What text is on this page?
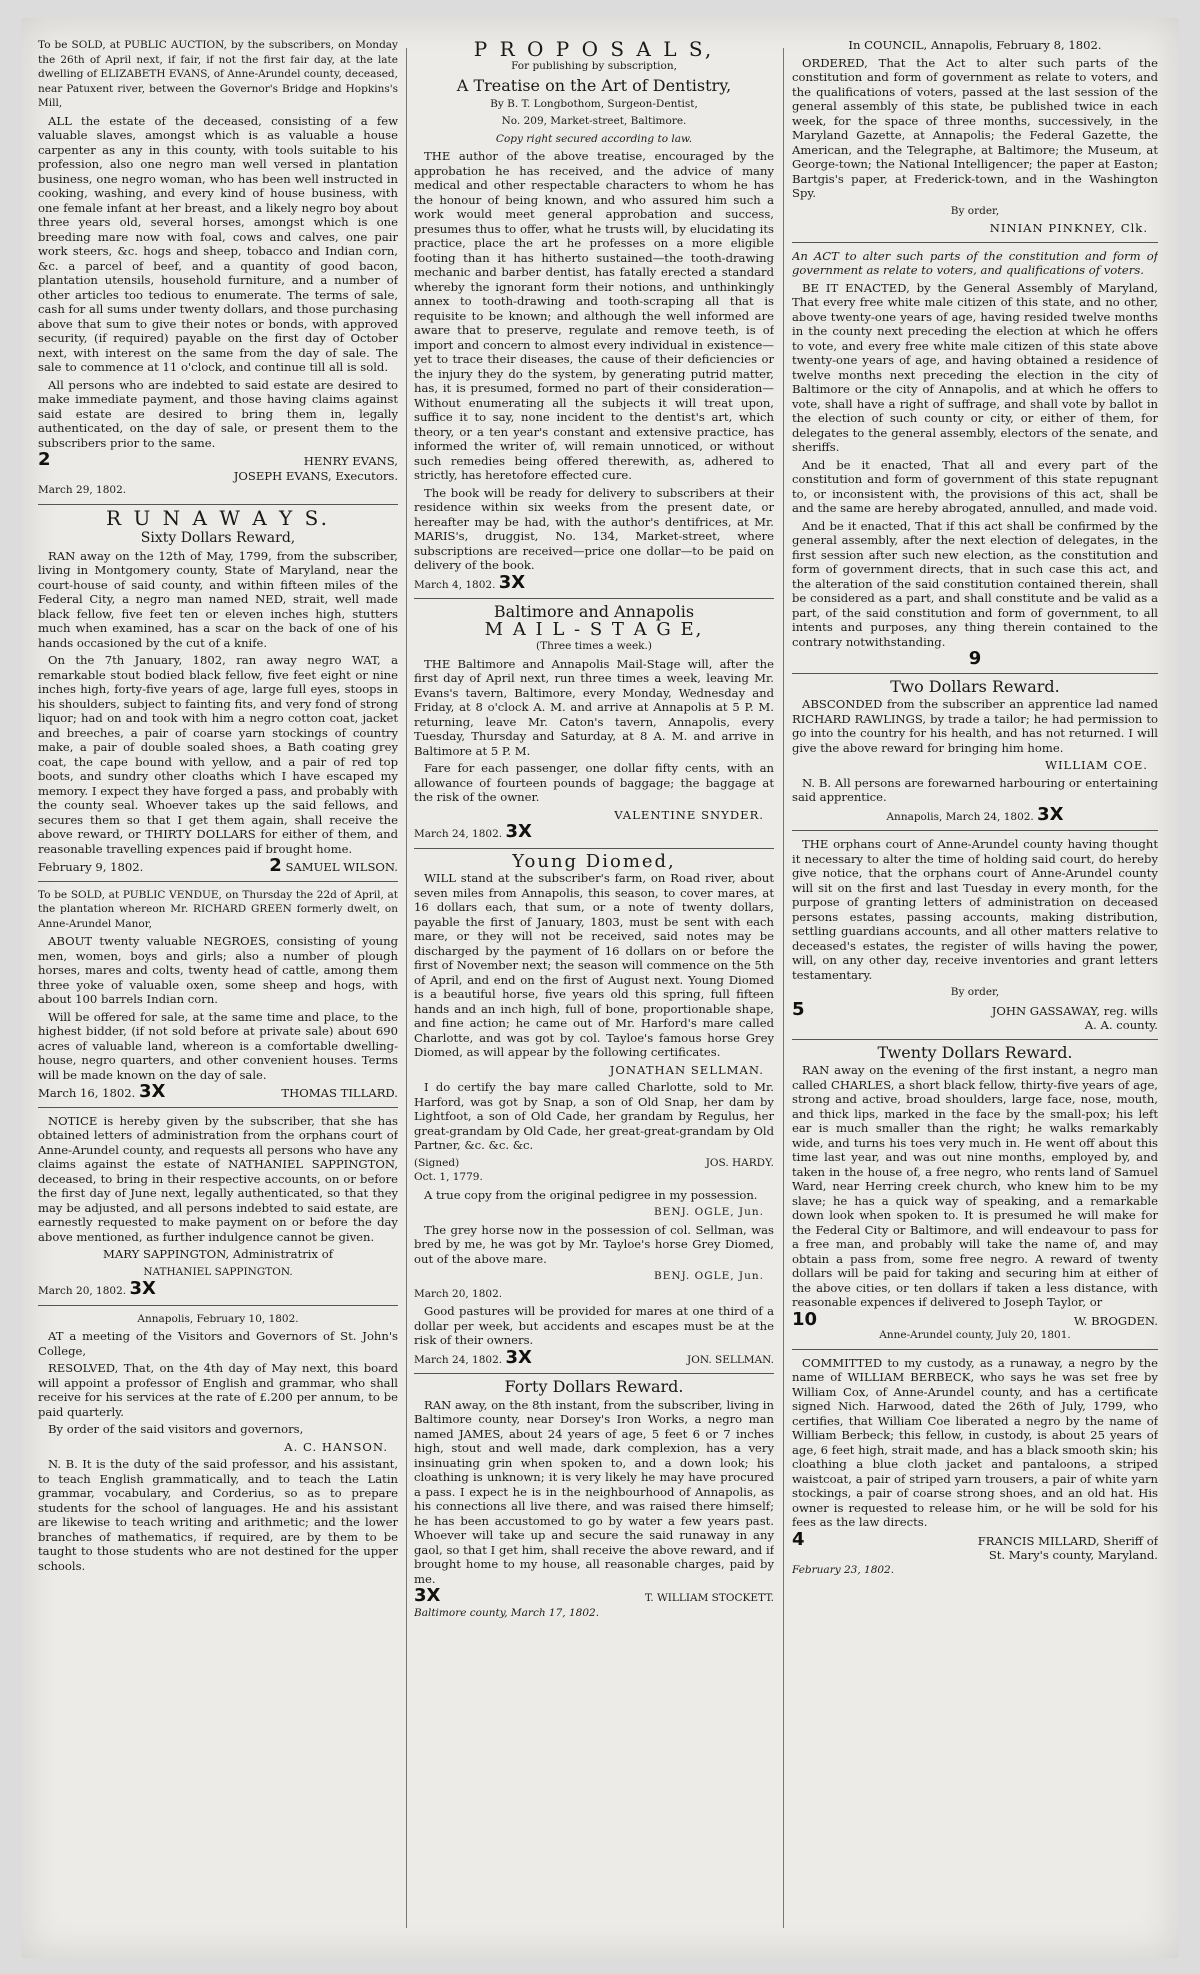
To be SOLD, at PUBLIC AUCTION, by the subscribers, on Monday the 26th of April next, if fair, if not the first fair day, at the late dwelling of ELIZABETH EVANS, of Anne-Arundel county, deceased, near Patuxent river, between the Governor's Bridge and Hopkins's Mill,

ALL the estate of the deceased, consisting of a few valuable slaves, amongst which is as valuable a house carpenter as any in this county, with tools suitable to his profession, also one negro man well versed in plantation business, one negro woman, who has been well instructed in cooking, washing, and every kind of house business, with one female infant at her breast, and a likely negro boy about three years old, several horses, amongst which is one breeding mare now with foal, cows and calves, one pair work steers, &c. hogs and sheep, tobacco and Indian corn, &c. a parcel of beef, and a quantity of good bacon, plantation utensils, household furniture, and a number of other articles too tedious to enumerate. The terms of sale, cash for all sums under twenty dollars, and those purchasing above that sum to give their notes or bonds, with approved security, (if required) payable on the first day of October next, with interest on the same from the day of sale. The sale to commence at 11 o'clock, and continue till all is sold.

All persons who are indebted to said estate are desired to make immediate payment, and those having claims against said estate are desired to bring them in, legally authenticated, on the day of sale, or present them to the subscribers prior to the same.

2	HENRY EVANS,
JOSEPH EVANS, Executors.

March 29, 1802.

R U N A W A Y S.
Sixty Dollars Reward,

RAN away on the 12th of May, 1799, from the subscriber, living in Montgomery county, State of Maryland, near the court-house of said county, and within fifteen miles of the Federal City, a negro man named NED, strait, well made black fellow, five feet ten or eleven inches high, stutters much when examined, has a scar on the back of one of his hands occasioned by the cut of a knife.

On the 7th January, 1802, ran away negro WAT, a remarkable stout bodied black fellow, five feet eight or nine inches high, forty-five years of age, large full eyes, stoops in his shoulders, subject to fainting fits, and very fond of strong liquor; had on and took with him a negro cotton coat, jacket and breeches, a pair of coarse yarn stockings of country make, a pair of double soaled shoes, a Bath coating grey coat, the cape bound with yellow, and a pair of red top boots, and sundry other cloaths which I have escaped my memory. I expect they have forged a pass, and probably with the county seal. Whoever takes up the said fellows, and secures them so that I get them again, shall receive the above reward, or THIRTY DOLLARS for either of them, and reasonable travelling expences paid if brought home.

February 9, 1802.	2 SAMUEL WILSON.

To be SOLD, at PUBLIC VENDUE, on Thursday the 22d of April, at the plantation whereon Mr. RICHARD GREEN formerly dwelt, on Anne-Arundel Manor,

ABOUT twenty valuable NEGROES, consisting of young men, women, boys and girls; also a number of plough horses, mares and colts, twenty head of cattle, among them three yoke of valuable oxen, some sheep and hogs, with about 100 barrels Indian corn.

Will be offered for sale, at the same time and place, to the highest bidder, (if not sold before at private sale) about 690 acres of valuable land, whereon is a comfortable dwelling-house, negro quarters, and other convenient houses. Terms will be made known on the day of sale.

March 16, 1802. 3X	THOMAS TILLARD.

NOTICE is hereby given by the subscriber, that she has obtained letters of administration from the orphans court of Anne-Arundel county, and requests all persons who have any claims against the estate of NATHANIEL SAPPINGTON, deceased, to bring in their respective accounts, on or before the first day of June next, legally authenticated, so that they may be adjusted, and all persons indebted to said estate, are earnestly requested to make payment on or before the day above mentioned, as further indulgence cannot be given.

MARY SAPPINGTON, Administratrix of

NATHANIEL SAPPINGTON.

March 20, 1802. 3X

Annapolis, February 10, 1802.

AT a meeting of the Visitors and Governors of St. John's College,

RESOLVED, That, on the 4th day of May next, this board will appoint a professor of English and grammar, who shall receive for his services at the rate of £.200 per annum, to be paid quarterly.

By order of the said visitors and governors,

A. C. HANSON.

N. B. It is the duty of the said professor, and his assistant, to teach English grammatically, and to teach the Latin grammar, vocabulary, and Corderius, so as to prepare students for the school of languages. He and his assistant are likewise to teach writing and arithmetic; and the lower branches of mathematics, if required, are by them to be taught to those students who are not destined for the upper schools.

P R O P O S A L S,

For publishing by subscription,

A Treatise on the Art of Dentistry,

By B. T. Longbothom, Surgeon-Dentist,

No. 209, Market-street, Baltimore.

Copy right secured according to law.

THE author of the above treatise, encouraged by the approbation he has received, and the advice of many medical and other respectable characters to whom he has the honour of being known, and who assured him such a work would meet general approbation and success, presumes thus to offer, what he trusts will, by elucidating its practice, place the art he professes on a more eligible footing than it has hitherto sustained—the tooth-drawing mechanic and barber dentist, has fatally erected a standard whereby the ignorant form their notions, and unthinkingly annex to tooth-drawing and tooth-scraping all that is requisite to be known; and although the well informed are aware that to preserve, regulate and remove teeth, is of import and concern to almost every individual in existence—yet to trace their diseases, the cause of their deficiencies or the injury they do the system, by generating putrid matter, has, it is presumed, formed no part of their consideration—Without enumerating all the subjects it will treat upon, suffice it to say, none incident to the dentist's art, which theory, or a ten year's constant and extensive practice, has informed the writer of, will remain unnoticed, or without such remedies being offered therewith, as, adhered to strictly, has heretofore effected cure.

The book will be ready for delivery to subscribers at their residence within six weeks from the present date, or hereafter may be had, with the author's dentifrices, at Mr. MARIS's, druggist, No. 134, Market-street, where subscriptions are received—price one dollar—to be paid on delivery of the book.

March 4, 1802. 3X

Baltimore and Annapolis
M A I L - S T A G E,

(Three times a week.)

THE Baltimore and Annapolis Mail-Stage will, after the first day of April next, run three times a week, leaving Mr. Evans's tavern, Baltimore, every Monday, Wednesday and Friday, at 8 o'clock A. M. and arrive at Annapolis at 5 P. M. returning, leave Mr. Caton's tavern, Annapolis, every Tuesday, Thursday and Saturday, at 8 A. M. and arrive in Baltimore at 5 P. M.

Fare for each passenger, one dollar fifty cents, with an allowance of fourteen pounds of baggage; the baggage at the risk of the owner.

VALENTINE SNYDER.

March 24, 1802. 3X

Young Diomed,

WILL stand at the subscriber's farm, on Road river, about seven miles from Annapolis, this season, to cover mares, at 16 dollars each, that sum, or a note of twenty dollars, payable the first of January, 1803, must be sent with each mare, or they will not be received, said notes may be discharged by the payment of 16 dollars on or before the first of November next; the season will commence on the 5th of April, and end on the first of August next. Young Diomed is a beautiful horse, five years old this spring, full fifteen hands and an inch high, full of bone, proportionable shape, and fine action; he came out of Mr. Harford's mare called Charlotte, and was got by col. Tayloe's famous horse Grey Diomed, as will appear by the following certificates.

JONATHAN SELLMAN.

I do certify the bay mare called Charlotte, sold to Mr. Harford, was got by Snap, a son of Old Snap, her dam by Lightfoot, a son of Old Cade, her grandam by Regulus, her great-grandam by Old Cade, her great-great-grandam by Old Partner, &c. &c. &c.

(Signed)	JOS. HARDY.

Oct. 1, 1779.

A true copy from the original pedigree in my possession.

BENJ. OGLE, Jun.

The grey horse now in the possession of col. Sellman, was bred by me, he was got by Mr. Tayloe's horse Grey Diomed, out of the above mare.

BENJ. OGLE, Jun.

March 20, 1802.

Good pastures will be provided for mares at one third of a dollar per week, but accidents and escapes must be at the risk of their owners.

March 24, 1802. 3X	JON. SELLMAN.
Forty Dollars Reward.

RAN away, on the 8th instant, from the subscriber, living in Baltimore county, near Dorsey's Iron Works, a negro man named JAMES, about 24 years of age, 5 feet 6 or 7 inches high, stout and well made, dark complexion, has a very insinuating grin when spoken to, and a down look; his cloathing is unknown; it is very likely he may have procured a pass. I expect he is in the neighbourhood of Annapolis, as his connections all live there, and was raised there himself; he has been accustomed to go by water a few years past. Whoever will take up and secure the said runaway in any gaol, so that I get him, shall receive the above reward, and if brought home to my house, all reasonable charges, paid by me.

3X	T. WILLIAM STOCKETT.

Baltimore county, March 17, 1802.

In COUNCIL, Annapolis, February 8, 1802.

ORDERED, That the Act to alter such parts of the constitution and form of government as relate to voters, and the qualifications of voters, passed at the last session of the general assembly of this state, be published twice in each week, for the space of three months, successively, in the Maryland Gazette, at Annapolis; the Federal Gazette, the American, and the Telegraphe, at Baltimore; the Museum, at George-town; the National Intelligencer; the paper at Easton; Bartgis's paper, at Frederick-town, and in the Washington Spy.

By order,

NINIAN PINKNEY, Clk.

An ACT to alter such parts of the constitution and form of government as relate to voters, and qualifications of voters.

BE IT ENACTED, by the General Assembly of Maryland, That every free white male citizen of this state, and no other, above twenty-one years of age, having resided twelve months in the county next preceding the election at which he offers to vote, and every free white male citizen of this state above twenty-one years of age, and having obtained a residence of twelve months next preceding the election in the city of Baltimore or the city of Annapolis, and at which he offers to vote, shall have a right of suffrage, and shall vote by ballot in the election of such county or city, or either of them, for delegates to the general assembly, electors of the senate, and sheriffs.

And be it enacted, That all and every part of the constitution and form of government of this state repugnant to, or inconsistent with, the provisions of this act, shall be and the same are hereby abrogated, annulled, and made void.

And be it enacted, That if this act shall be confirmed by the general assembly, after the next election of delegates, in the first session after such new election, as the constitution and form of government directs, that in such case this act, and the alteration of the said constitution contained therein, shall be considered as a part, and shall constitute and be valid as a part, of the said constitution and form of government, to all intents and purposes, any thing therein contained to the contrary notwithstanding.

9

Two Dollars Reward.

ABSCONDED from the subscriber an apprentice lad named RICHARD RAWLINGS, by trade a tailor; he had permission to go into the country for his health, and has not returned. I will give the above reward for bringing him home.

WILLIAM COE.

N. B. All persons are forewarned harbouring or entertaining said apprentice.

Annapolis, March 24, 1802. 3X

THE orphans court of Anne-Arundel county having thought it necessary to alter the time of holding said court, do hereby give notice, that the orphans court of Anne-Arundel county will sit on the first and last Tuesday in every month, for the purpose of granting letters of administration on deceased persons estates, passing accounts, making distribution, settling guardians accounts, and all other matters relative to deceased's estates, the register of wills having the power, will, on any other day, receive inventories and grant letters testamentary.

By order,

5	JOHN GASSAWAY, reg. wills
A. A. county.
Twenty Dollars Reward.

RAN away on the evening of the first instant, a negro man called CHARLES, a short black fellow, thirty-five years of age, strong and active, broad shoulders, large face, nose, mouth, and thick lips, marked in the face by the small-pox; his left ear is much smaller than the right; he walks remarkably wide, and turns his toes very much in. He went off about this time last year, and was out nine months, employed by, and taken in the house of, a free negro, who rents land of Samuel Ward, near Herring creek church, who knew him to be my slave; he has a quick way of speaking, and a remarkable down look when spoken to. It is presumed he will make for the Federal City or Baltimore, and will endeavour to pass for a free man, and probably will take the name of, and may obtain a pass from, some free negro. A reward of twenty dollars will be paid for taking and securing him at either of the above cities, or ten dollars if taken a less distance, with reasonable expences if delivered to Joseph Taylor, or

10	W. BROGDEN.

Anne-Arundel county, July 20, 1801.

COMMITTED to my custody, as a runaway, a negro by the name of WILLIAM BERBECK, who says he was set free by William Cox, of Anne-Arundel county, and has a certificate signed Nich. Harwood, dated the 26th of July, 1799, who certifies, that William Coe liberated a negro by the name of William Berbeck; this fellow, in custody, is about 25 years of age, 6 feet high, strait made, and has a black smooth skin; his cloathing a blue cloth jacket and pantaloons, a striped waistcoat, a pair of striped yarn trousers, a pair of white yarn stockings, a pair of coarse strong shoes, and an old hat. His owner is requested to release him, or he will be sold for his fees as the law directs.

4	FRANCIS MILLARD, Sheriff of
St. Mary's county, Maryland.

February 23, 1802.
